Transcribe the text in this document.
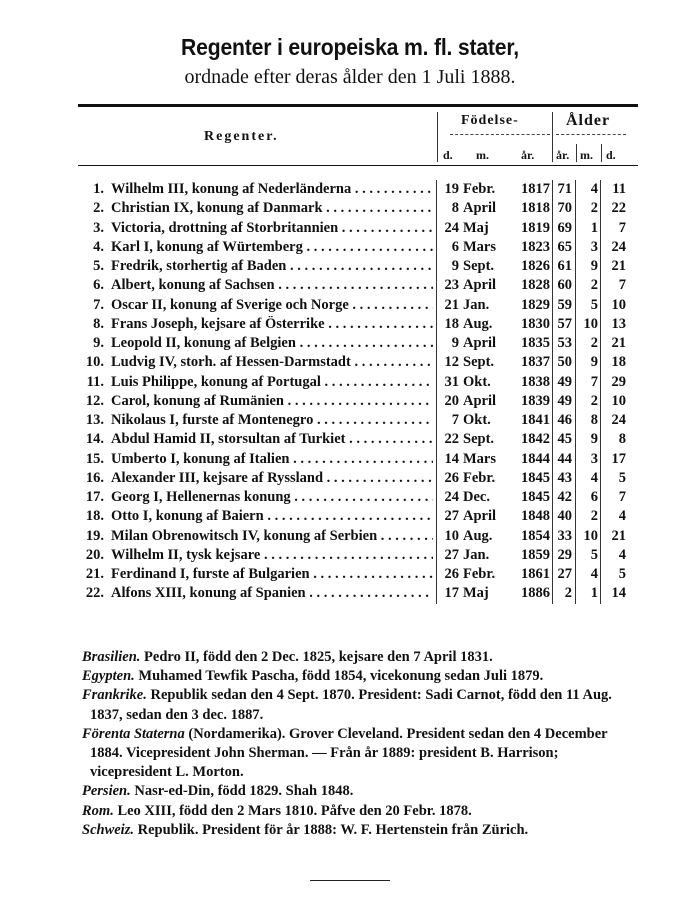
Regenter i europeiska m. fl. stater,
ordnade efter deras ålder den 1 Juli 1888.
Regenter.
Födelse-	Ålder
d. m.	år. år. m. d.
1. Wilhelm III, konung af Nederländerna . . .	19 Febr.	1817 71	4 11
2. Christian IX, konung af Danmark . . .	8 April	1818 70	2 22
3. Victoria, drottning af Storbritannien . . .	24 Maj	1819 69	1	7
4. Karl I, konung af Würtemberg . . .	6 Mars	1823 65	3 24
5. Fredrik, storhertig af Baden . . .	9 Sept.	1826 61	9 21
6. Albert, konung af Sachsen . . .	23 April	1828 60	2	7
7. Oscar II, konung af Sverige och Norge . . .	21 Jan.	1829 59	5 10
8. Frans Joseph, kejsare af Österrike . . .	18 Aug.	1830 57 10 13
9. Leopold II, konung af Belgien . . .	9 April	1835 53	2 21
10. Ludvig IV, storh. af Hessen-Darmstadt . . .	12 Sept.	1837 50	9 18
11. Luis Philippe, konung af Portugal . . .	31 Okt.	1838 49	7 29
12. Carol, konung af Rumänien . . .	20 April	1839 49	2 10
13. Nikolaus I, furste af Montenegro . . .	7 Okt.	1841 46	8 24
14. Abdul Hamid II, storsultan af Turkiet . . .	22 Sept.	1842 45	9	8
15. Umberto I, konung af Italien . . .	14 Mars	1844 44	3 17
16. Alexander III, kejsare af Ryssland . . .	26 Febr.	1845 43	4	5
17. Georg I, Hellenernas konung . . .	24 Dec.	1845 42	6	7
18. Otto I, konung af Baiern . . .	27 April	1848 40	2	4
19. Milan Obrenowitsch IV, konung af Serbien . . .	10 Aug.	1854 33 10 21
20. Wilhelm II, tysk kejsare . . .	27 Jan.	1859 29	5	4
21. Ferdinand I, furste af Bulgarien . . .	26 Febr.	1861 27	4	5
22. Alfons XIII, konung af Spanien . . .	17 Maj	1886	2	1 14

Brasilien. Pedro II, född den 2 Dec. 1825, kejsare den 7 April 1831.

Egypten. Muhamed Tewfik Pascha, född 1854, vicekonung sedan Juli 1879.

Frankrike. Republik sedan den 4 Sept. 1870. President: Sadi Carnot, född den 11 Aug. 1837, sedan den 3 dec. 1887.

Förenta Staterna (Nordamerika). Grover Cleveland. President sedan den 4 December 1884. Vicepresident John Sherman. — Från år 1889: president B. Harrison; vicepresident L. Morton.

Persien. Nasr-ed-Din, född 1829. Shah 1848.

Rom. Leo XIII, född den 2 Mars 1810. Påfve den 20 Febr. 1878.

Schweiz. Republik. President för år 1888: W. F. Hertenstein från Zürich.
